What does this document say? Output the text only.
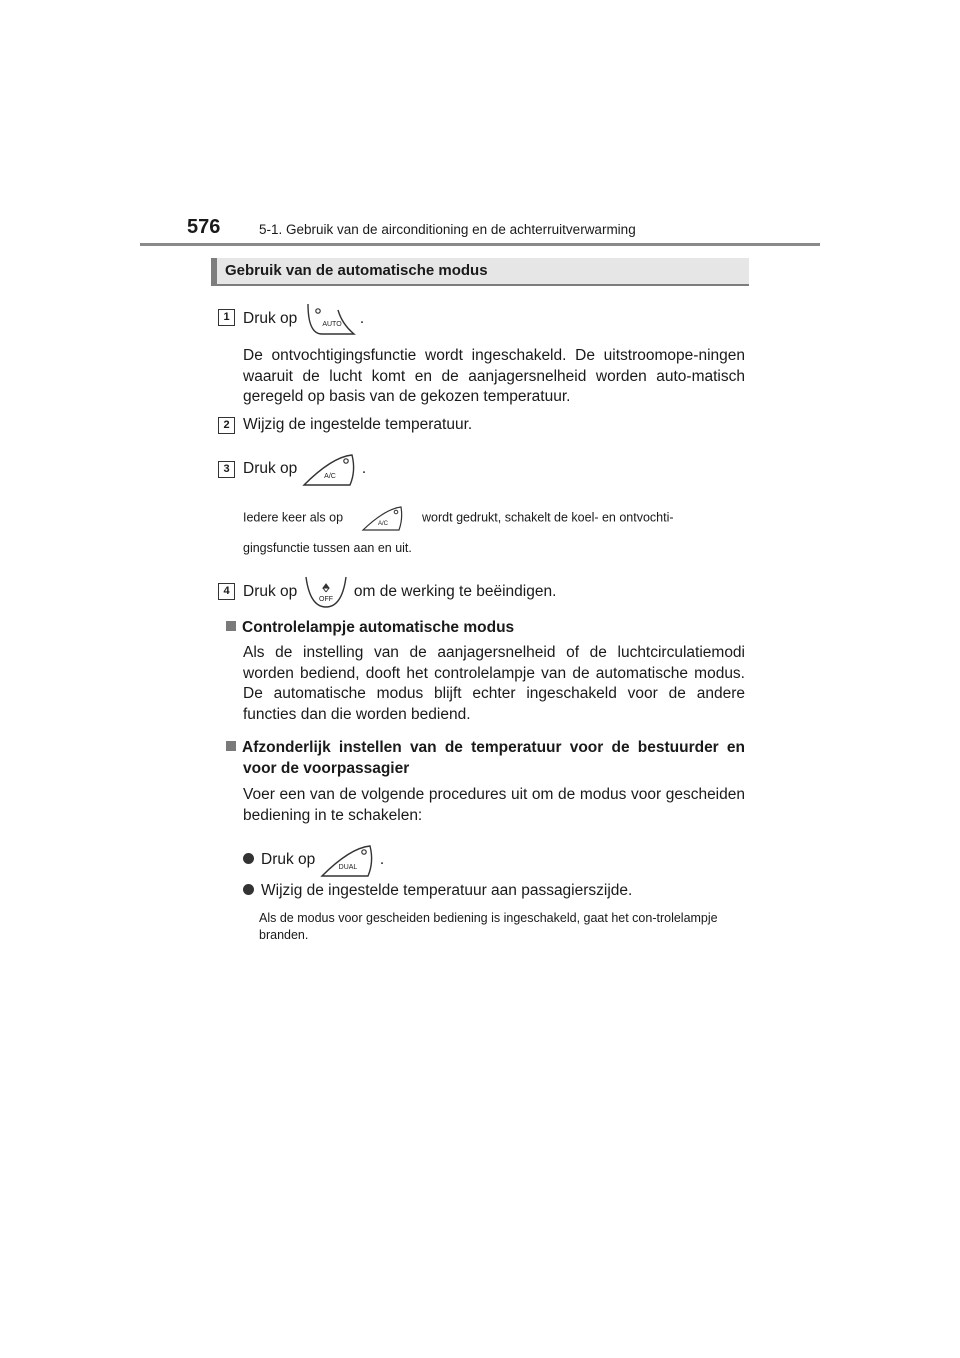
576	5-1. Gebruik van de airconditioning en de achterruitverwarming
Gebruik van de automatische modus
1 Druk op	AUTO .
De ontvochtigingsfunctie wordt ingeschakeld. De uitstroomope-ningen waaruit de lucht komt en de aanjagersnelheid worden auto-matisch geregeld op basis van de gekozen temperatuur.
2 Wijzig de ingestelde temperatuur.
3 Druk op	A/C .
Iedere keer als op	A/C	wordt gedrukt, schakelt de koel- en ontvochti-
gingsfunctie tussen aan en uit.
4 Druk op	OFF om de werking te beëindigen.
Controlelampje automatische modus
Als de instelling van de aanjagersnelheid of de luchtcirculatiemodi worden bediend, dooft het controlelampje van de automatische modus. De automatische modus blijft echter ingeschakeld voor de andere functies dan die worden bediend.
Afzonderlijk instellen van de temperatuur voor de bestuurder en voor de voorpassagier
Voer een van de volgende procedures uit om de modus voor gescheiden bediening in te schakelen:
Druk op	DUAL .
Wijzig de ingestelde temperatuur aan passagierszijde.
Als de modus voor gescheiden bediening is ingeschakeld, gaat het con-trolelampje branden.
